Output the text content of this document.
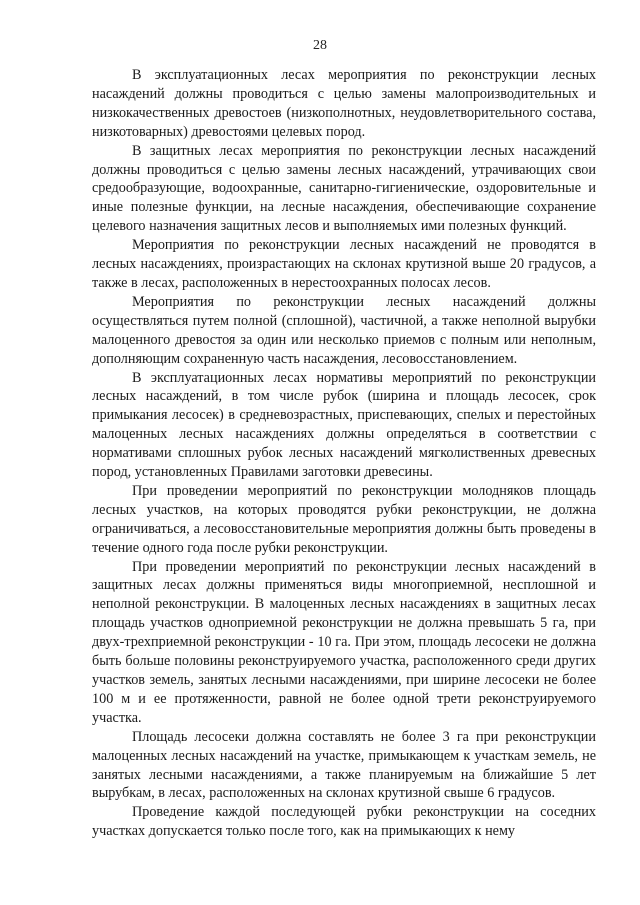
28

В эксплуатационных лесах мероприятия по реконструкции лесных насаждений должны проводиться с целью замены малопроизводительных и низкокачественных древостоев (низкополнотных, неудовлетворительного состава, низкотоварных) древостоями целевых пород.

В защитных лесах мероприятия по реконструкции лесных насаждений должны проводиться с целью замены лесных насаждений, утрачивающих свои средообразующие, водоохранные, санитарно-гигиенические, оздоровительные и иные полезные функции, на лесные насаждения, обеспечивающие сохранение целевого назначения защитных лесов и выполняемых ими полезных функций.

Мероприятия по реконструкции лесных насаждений не проводятся в лесных насаждениях, произрастающих на склонах крутизной выше 20 градусов, а также в лесах, расположенных в нерестоохранных полосах лесов.

Мероприятия по реконструкции лесных насаждений должны осуществляться путем полной (сплошной), частичной, а также неполной вырубки малоценного древостоя за один или несколько приемов с полным или неполным, дополняющим сохраненную часть насаждения, лесовосстановлением.

В эксплуатационных лесах нормативы мероприятий по реконструкции лесных насаждений, в том числе рубок (ширина и площадь лесосек, срок примыкания лесосек) в средневозрастных, приспевающих, спелых и перестойных малоценных лесных насаждениях должны определяться в соответствии с нормативами сплошных рубок лесных насаждений мягколиственных древесных пород, установленных Правилами заготовки древесины.

При проведении мероприятий по реконструкции молодняков площадь лесных участков, на которых проводятся рубки реконструкции, не должна ограничиваться, а лесовосстановительные мероприятия должны быть проведены в течение одного года после рубки реконструкции.

При проведении мероприятий по реконструкции лесных насаждений в защитных лесах должны применяться виды многоприемной, несплошной и неполной реконструкции. В малоценных лесных насаждениях в защитных лесах площадь участков одноприемной реконструкции не должна превышать 5 га, при двух-трехприемной реконструкции - 10 га. При этом, площадь лесосеки не должна быть больше половины реконструируемого участка, расположенного среди других участков земель, занятых лесными насаждениями, при ширине лесосеки не более 100 м и ее протяженности, равной не более одной трети реконструируемого участка.

Площадь лесосеки должна составлять не более 3 га при реконструкции малоценных лесных насаждений на участке, примыкающем к участкам земель, не занятых лесными насаждениями, а также планируемым на ближайшие 5 лет вырубкам, в лесах, расположенных на склонах крутизной свыше 6 градусов.

Проведение каждой последующей рубки реконструкции на соседних участках допускается только после того, как на примыкающих к нему
